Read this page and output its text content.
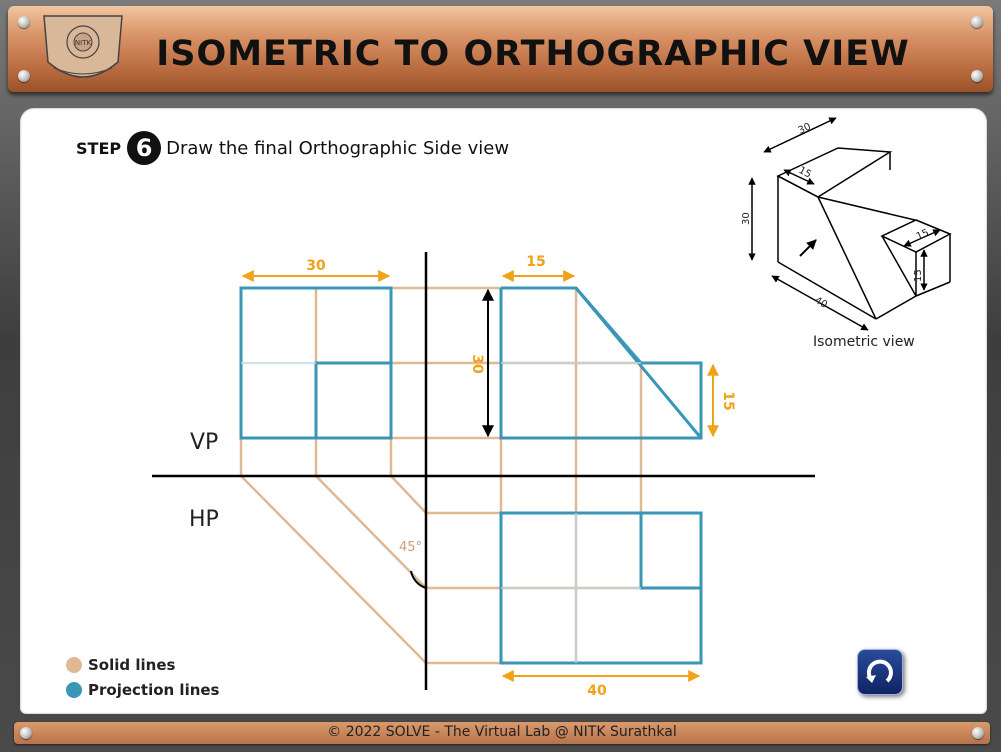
ISOMETRIC TO ORTHOGRAPHIC VIEW
NITK
STEP 6 Draw the final Orthographic Side view
45°
30	15
40
30
15
VP
HP
30
15
30
40
15
15
Isometric view
Solid lines
Projection lines
© 2022 SOLVE - The Virtual Lab @ NITK Surathkal
